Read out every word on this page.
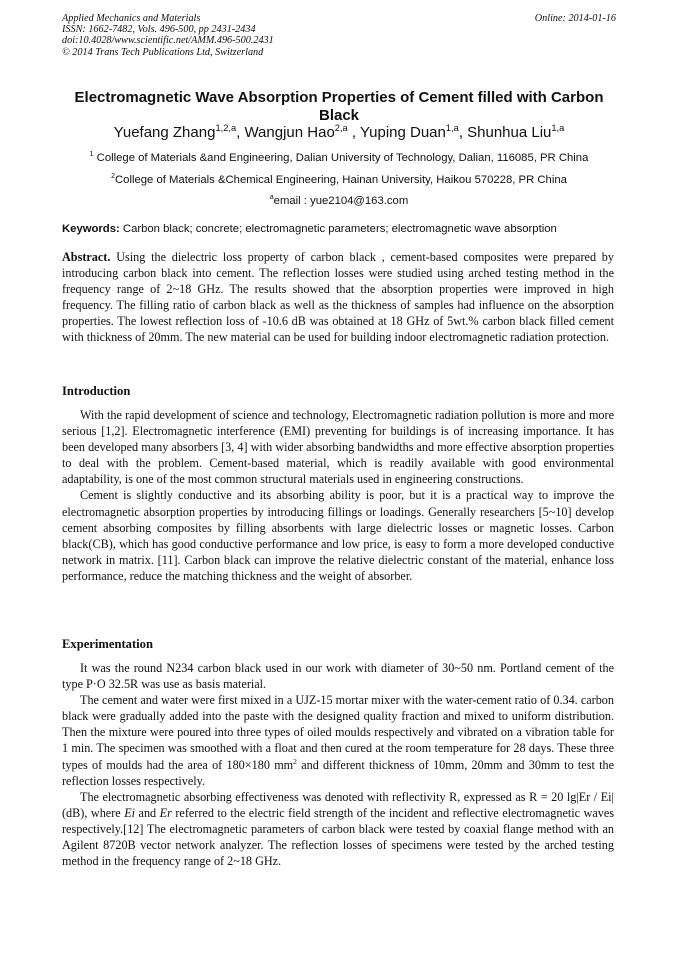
Applied Mechanics and Materials
ISSN: 1662-7482, Vols. 496-500, pp 2431-2434
doi:10.4028/www.scientific.net/AMM.496-500.2431
© 2014 Trans Tech Publications Ltd, Switzerland
Online: 2014-01-16
Electromagnetic Wave Absorption Properties of Cement filled with Carbon Black
Yuefang Zhang$^{1,2,a}$, Wangjun Hao$^{2,a}$ , Yuping Duan$^{1,a}$, Shunhua Liu$^{1,a}$
$^1$ College of Materials &and Engineering, Dalian University of Technology, Dalian, 116085, PR China
$^2$College of Materials &Chemical Engineering, Hainan University, Haikou 570228, PR China
$^a$email : yue2104@163.com
Keywords: Carbon black; concrete; electromagnetic parameters; electromagnetic wave absorption

Abstract. Using the dielectric loss property of carbon black , cement-based composites were prepared by introducing carbon black into cement. The reflection losses were studied using arched testing method in the frequency range of 2~18 GHz. The results showed that the absorption properties were improved in high frequency. The filling ratio of carbon black as well as the thickness of samples had influence on the absorption properties. The lowest reflection loss of -10.6 dB was obtained at 18 GHz of 5wt.% carbon black filled cement with thickness of 20mm. The new material can be used for building indoor electromagnetic radiation protection.

Introduction

With the rapid development of science and technology, Electromagnetic radiation pollution is more and more serious [1,2]. Electromagnetic interference (EMI) preventing for buildings is of increasing importance. It has been developed many absorbers [3, 4] with wider absorbing bandwidths and more effective absorption properties to deal with the problem. Cement-based material, which is readily available with good environmental adaptability, is one of the most common structural materials used in engineering constructions.

Cement is slightly conductive and its absorbing ability is poor, but it is a practical way to improve the electromagnetic absorption properties by introducing fillings or loadings. Generally researchers [5~10] develop cement absorbing composites by filling absorbents with large dielectric losses or magnetic losses. Carbon black(CB), which has good conductive performance and low price, is easy to form a more developed conductive network in matrix. [11]. Carbon black can improve the relative dielectric constant of the material, enhance loss performance, reduce the matching thickness and the weight of absorber.

Experimentation

It was the round N234 carbon black used in our work with diameter of 30~50 nm. Portland cement of the type P·O 32.5R was use as basis material.

The cement and water were first mixed in a UJZ-15 mortar mixer with the water-cement ratio of 0.34. carbon black were gradually added into the paste with the designed quality fraction and mixed to uniform distribution. Then the mixture were poured into three types of oiled moulds respectively and vibrated on a vibration table for 1 min. The specimen was smoothed with a float and then cured at the room temperature for 28 days. These three types of moulds had the area of 180×180 $mm^2$ and different thickness of 10mm, 20mm and 30mm to test the reflection losses respectively.

The electromagnetic absorbing effectiveness was denoted with reflectivity R, expressed as R = 20 lg|Er / Ei| (dB), where Ei and Er referred to the electric field strength of the incident and reflective electromagnetic waves respectively.[12] The electromagnetic parameters of carbon black were tested by coaxial flange method with an Agilent 8720B vector network analyzer. The reflection losses of specimens were tested by the arched testing method in the frequency range of 2~18 GHz.
